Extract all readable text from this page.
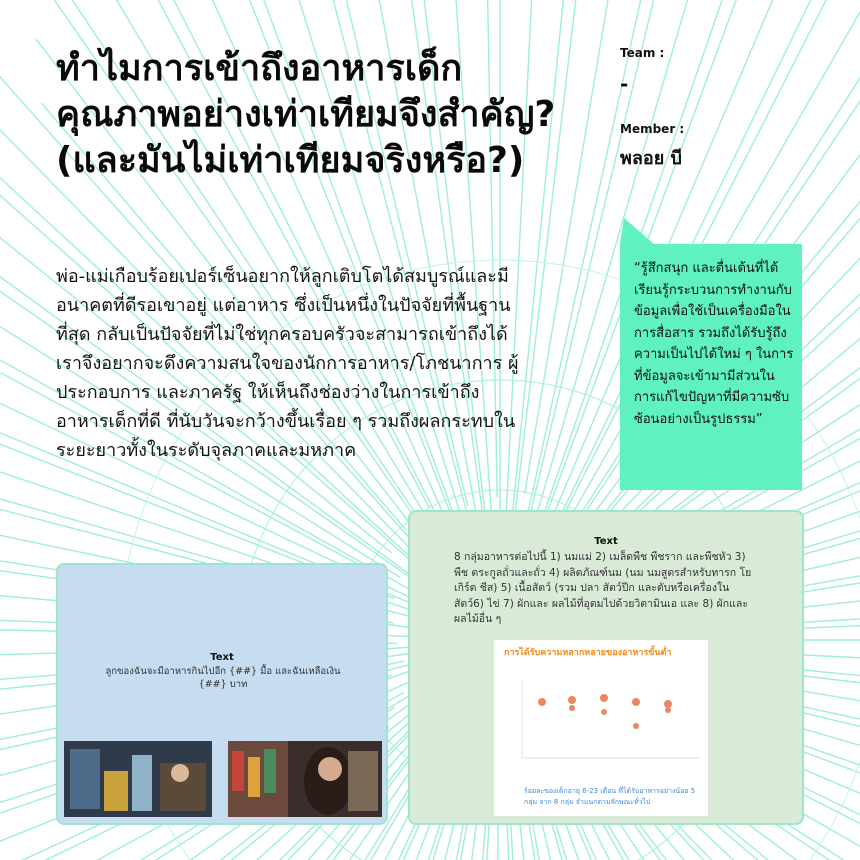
ทำไมการเข้าถึงอาหารเด็กคุณภาพอย่างเท่าเทียมจึงสำคัญ? (และมันไม่เท่าเทียมจริงหรือ?)

พ่อ-แม่เกือบร้อยเปอร์เซ็นอยากให้ลูกเติบโตได้สมบูรณ์และมีอนาคตที่ดีรอเขาอยู่ แต่อาหาร ซึ่งเป็นหนึ่งในปัจจัยที่พื้นฐานที่สุด กลับเป็นปัจจัยที่ไม่ใช่ทุกครอบครัวจะสามารถเข้าถึงได้ เราจึงอยากจะดึงความสนใจของนักการอาหาร/โภชนาการ ผู้ประกอบการ และภาครัฐ ให้เห็นถึงช่องว่างในการเข้าถึงอาหารเด็กที่ดี ที่นับวันจะกว้างขึ้นเรื่อย ๆ รวมถึงผลกระทบในระยะยาวทั้งในระดับจุลภาคและมหภาค

Team :
-
Member :
พลอย บี
“รู้สึกสนุก และตื่นเต้นที่ได้เรียนรู้กระบวนการทำงานกับข้อมูลเพื่อใช้เป็นเครื่องมือในการสื่อสาร รวมถึงได้รับรู้ถึงความเป็นไปได้ใหม่ ๆ ในการที่ข้อมูลจะเข้ามามีส่วนในการแก้ไขปัญหาที่มีความซับซ้อนอย่างเป็นรูปธรรม”
Text
ลูกของฉันจะมีอาหารกินไปอีก {##} มื้อ และฉันเหลือเงิน {##} บาท
Text
8 กลุ่มอาหารต่อไปนี้ 1) นมแม่ 2) เมล็ดพืช พืชราก และพืชหัว 3) พืช ตระกูลถั่วและถั่ว 4) ผลิตภัณฑ์นม (นม นมสูตรสำหรับทารก โยเกิร์ต ชีส) 5) เนื้อสัตว์ (รวม ปลา สัตว์ปีก และตับหรือเครื่องใน สัตว์6) ไข่ 7) ผักและ ผลไม้ที่อุดมไปด้วยวิตามินเอ และ 8) ผักและผลไม้อื่น ๆ
การได้รับความหลากหลายของอาหารขั้นต่ำ
ร้อยละของเด็กอายุ 6-23 เดือน ที่ได้รับอาหารอย่างน้อย 5 กลุ่ม จาก 8 กลุ่ม จำแนกตามลักษณะทั่วไป
